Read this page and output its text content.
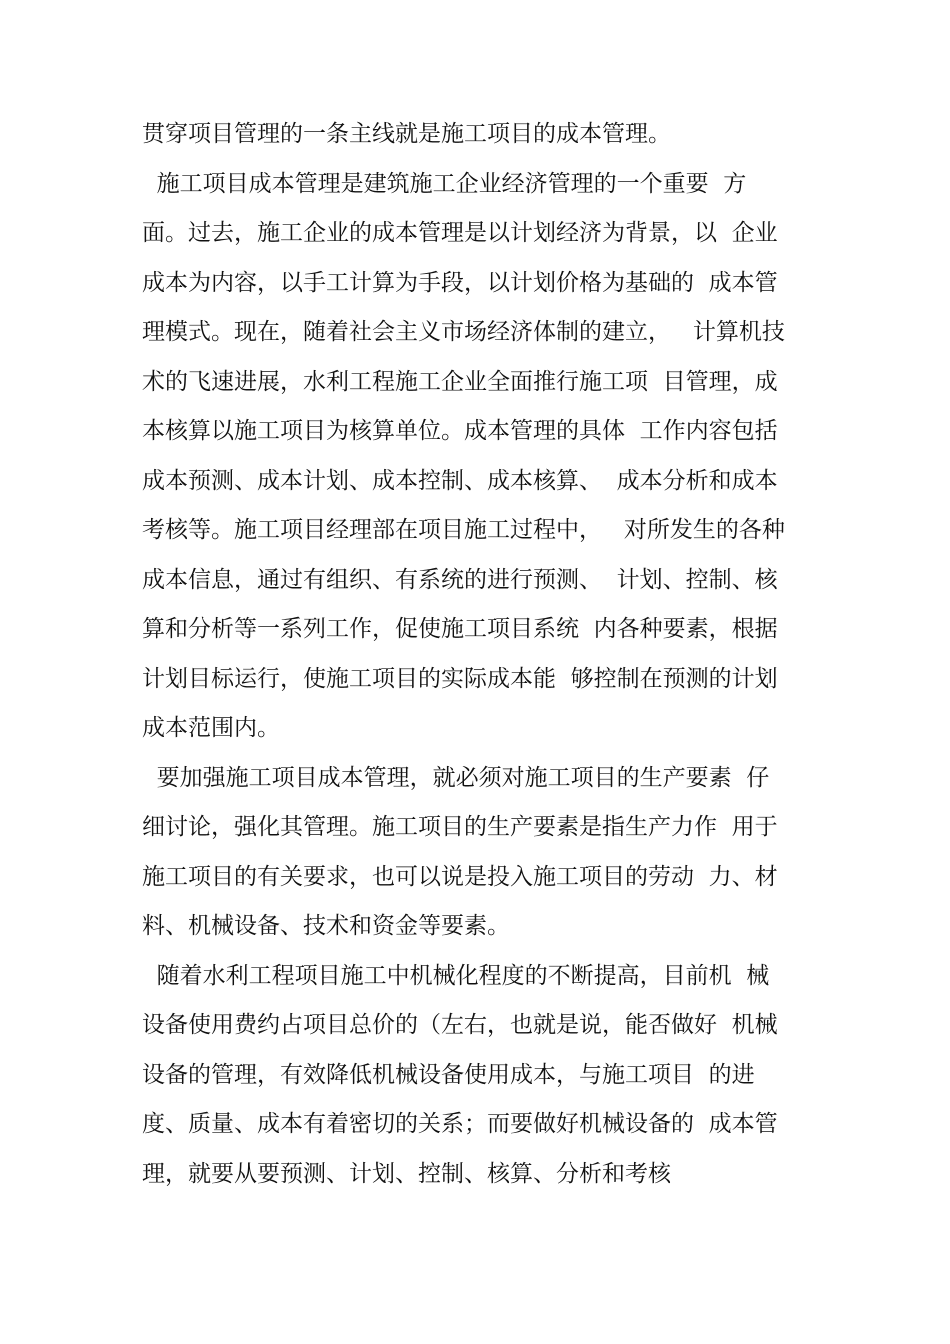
贯穿项目管理的一条主线就是施工项目的成本管理。
施工项目成本管理是建筑施工企业经济管理的一个重要  方
面。过去，施工企业的成本管理是以计划经济为背景，以  企业
成本为内容，以手工计算为手段，以计划价格为基础的  成本管
理模式。现在，随着社会主义市场经济体制的建立，   计算机技
术的飞速进展，水利工程施工企业全面推行施工项  目管理，成
本核算以施工项目为核算单位。成本管理的具体  工作内容包括
成本预测、成本计划、成本控制、成本核算、  成本分析和成本
考核等。施工项目经理部在项目施工过程中，   对所发生的各种
成本信息，通过有组织、有系统的进行预测、  计划、控制、核
算和分析等一系列工作，促使施工项目系统  内各种要素，根据
计划目标运行，使施工项目的实际成本能  够控制在预测的计划
成本范围内。
要加强施工项目成本管理，就必须对施工项目的生产要素  仔
细讨论，强化其管理。施工项目的生产要素是指生产力作  用于
施工项目的有关要求，也可以说是投入施工项目的劳动  力、材
料、机械设备、技术和资金等要素。
随着水利工程项目施工中机械化程度的不断提高，目前机  械
设备使用费约占项目总价的（左右，也就是说，能否做好  机械
设备的管理，有效降低机械设备使用成本，与施工项目  的进
度、质量、成本有着密切的关系；而要做好机械设备的  成本管
理，就要从要预测、计划、控制、核算、分析和考核
